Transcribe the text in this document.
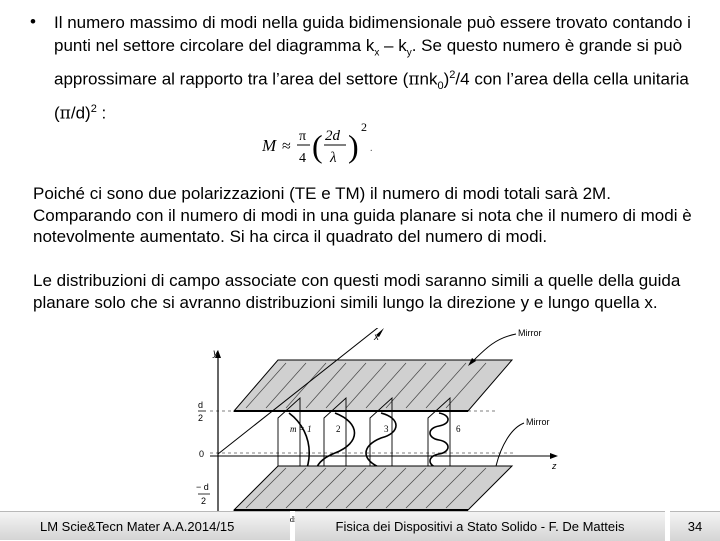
• Il numero massimo di modi nella guida bidimensionale può essere trovato contando i punti nel settore circolare del diagramma $k_x - k_y$. Se questo numero è grande si può approssimare al rapporto tra l’area del settore $(\pi nk_0)^2/4$ con l’area della cella unitaria $(\pi/d)^2$ :

M ≈
π
4 ( 2d
λ )
2
.

Poiché ci sono due polarizzazioni (TE e TM) il numero di modi totali sarà 2M. Comparando con il numero di modi in una guida planare si nota che il numero di modi è notevolmente aumentato. Si ha circa il quadrato del numero di modi.

Le distribuzioni di campo associate con questi modi saranno simili a quelle della guida planare solo che si avranno distribuzioni simili lungo la direzione y e lungo quella x.

y
x	Mirror
Mirror
d
2
0
− d
2
z
m = 1	2	3	6
LM Scie&Tecn Mater A.A.2014/15	Fisica dei Dispositivi a Stato Solido - F. De Matteis	34
